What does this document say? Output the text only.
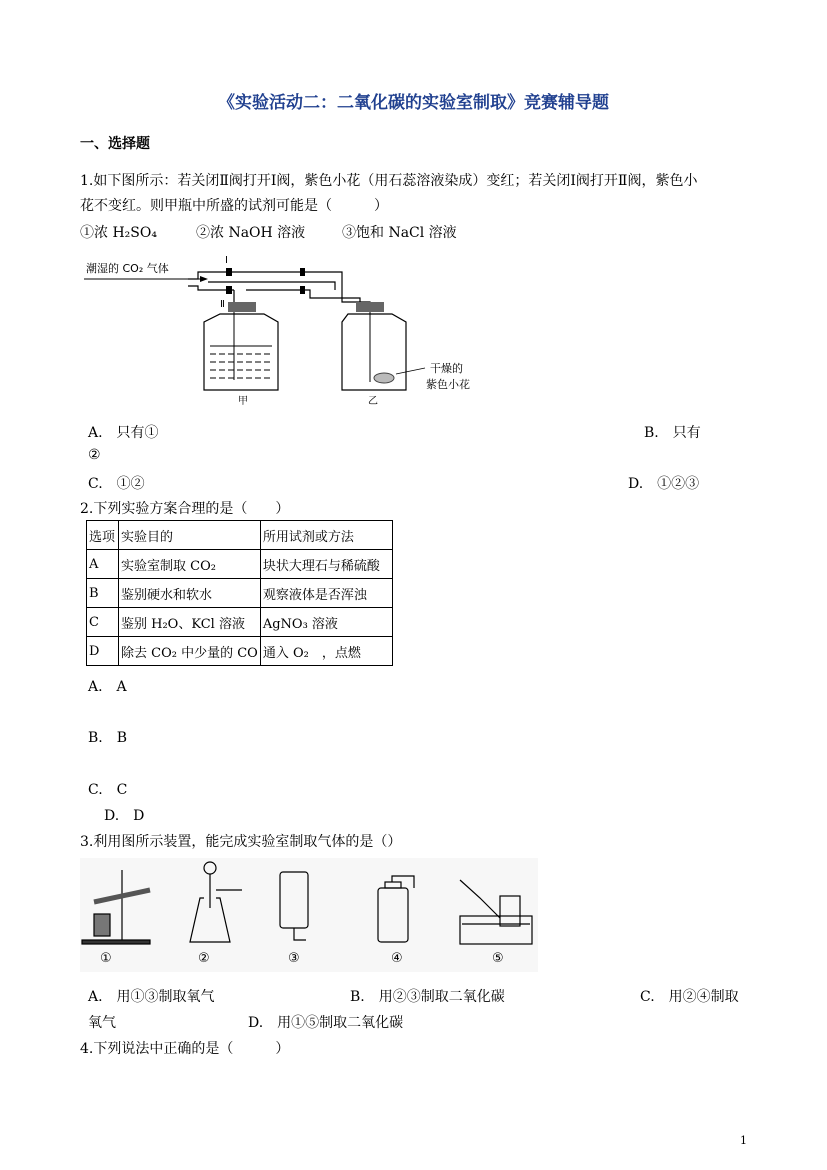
《实验活动二：二氧化碳的实验室制取》竞赛辅导题
一、选择题
1.如下图所示：若关闭Ⅱ阀打开Ⅰ阀，紫色小花（用石蕊溶液染成）变红；若关闭Ⅰ阀打开Ⅱ阀，紫色小
花不变红。则甲瓶中所盛的试剂可能是（　　　）
①浓 H₂SO₄	②浓 NaOH 溶液	③饱和 NaCl 溶液
潮湿的 CO₂ 气体
Ⅰ
Ⅱ
甲
干燥的
紫色小花
乙
A.　只有①	B.　只有
②
C.　①②	D.　①②③
2.下列实验方案合理的是（　　）
选项	实验目的	所用试剂或方法
A	实验室制取 CO₂	块状大理石与稀硫酸
B	鉴别硬水和软水	观察液体是否浑浊
C	鉴别 H₂O、KCl 溶液	AgNO₃ 溶液
D	除去 CO₂ 中少量的 CO	通入 O₂　，点燃
A.　A
B.　B
C.　C
D.　D
3.利用图所示装置，能完成实验室制取气体的是（）
①	②	③	④	⑤
A.　用①③制取氧气	B.　用②③制取二氧化碳	C.　用②④制取
氧气	D.　用①⑤制取二氧化碳
4.下列说法中正确的是（　　　）
1
